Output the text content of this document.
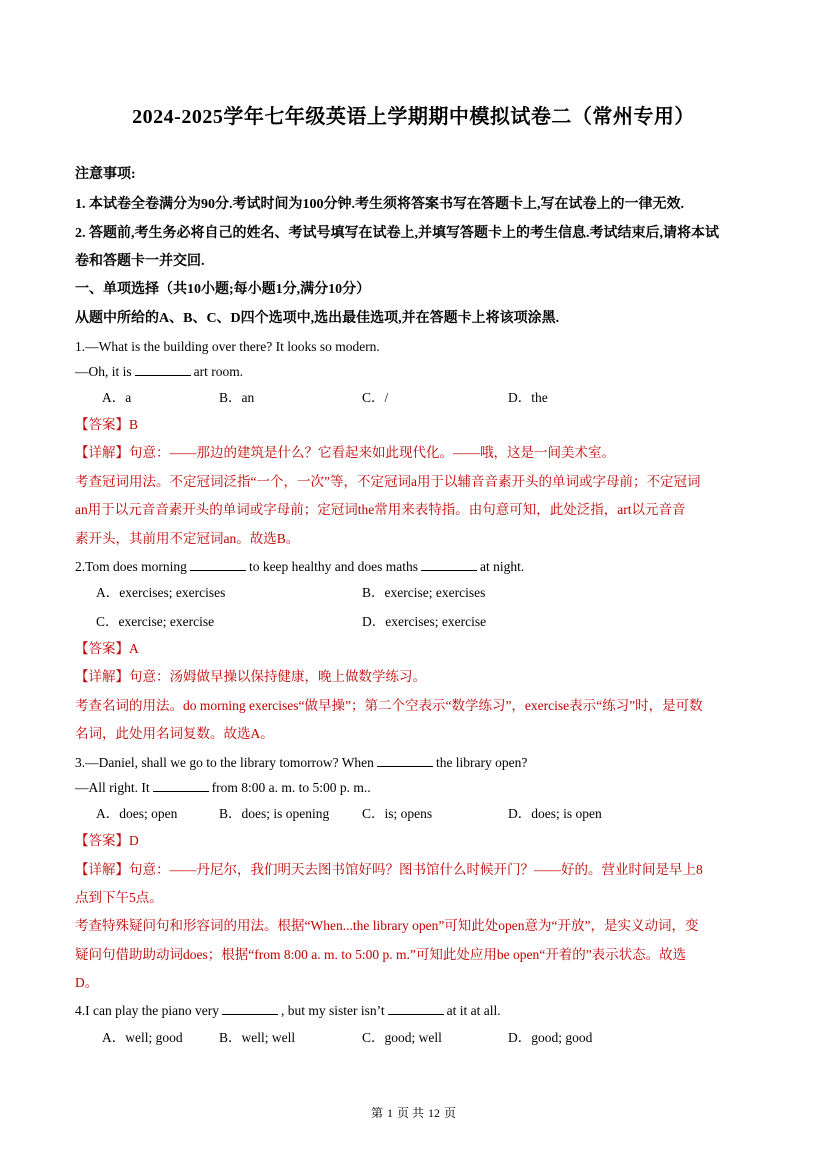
2024-2025学年七年级英语上学期期中模拟试卷二（常州专用）
注意事项:
1. 本试卷全卷满分为90分.考试时间为100分钟.考生须将答案书写在答题卡上,写在试卷上的一律无效.
2. 答题前,考生务必将自己的姓名、考试号填写在试卷上,并填写答题卡上的考生信息.考试结束后,请将本试
卷和答题卡一并交回.
一、单项选择（共10小题;每小题1分,满分10分）
从题中所给的A、B、C、D四个选项中,选出最佳选项,并在答题卡上将该项涂黑.
1.—What is the building over there? It looks so modern.
—Oh, it is	art room.
A．a	B．an	C．/	D．the
【答案】B
【详解】句意：——那边的建筑是什么？它看起来如此现代化。——哦，这是一间美术室。
考查冠词用法。不定冠词泛指“一个，一次”等，不定冠词a用于以辅音音素开头的单词或字母前；不定冠词
an用于以元音音素开头的单词或字母前；定冠词the常用来表特指。由句意可知，此处泛指，art以元音音
素开头，其前用不定冠词an。故选B。
2.Tom does morning	to keep healthy and does maths	at night.
A．exercises; exercises	B．exercise; exercises
C．exercise; exercise	D．exercises; exercise
【答案】A
【详解】句意：汤姆做早操以保持健康，晚上做数学练习。
考查名词的用法。do morning exercises“做早操”；第二个空表示“数学练习”，exercise表示“练习”时，是可数
名词，此处用名词复数。故选A。
3.—Daniel, shall we go to the library tomorrow? When	the library open?
—All right. It	from 8:00 a. m. to 5:00 p. m..
A．does; open	B．does; is opening C．is; opens	D．does; is open
【答案】D
【详解】句意：——丹尼尔，我们明天去图书馆好吗？图书馆什么时候开门？——好的。营业时间是早上8
点到下午5点。
考查特殊疑问句和形容词的用法。根据“When...the library open”可知此处open意为“开放”，是实义动词，变
疑问句借助助动词does；根据“from 8:00 a. m. to 5:00 p. m.”可知此处应用be open“开着的”表示状态。故选
D。
4.I can play the piano very	, but my sister isn’t	at it at all.
A．well; good	B．well; well	C．good; well	D．good; good
第 1 页 共 12 页
